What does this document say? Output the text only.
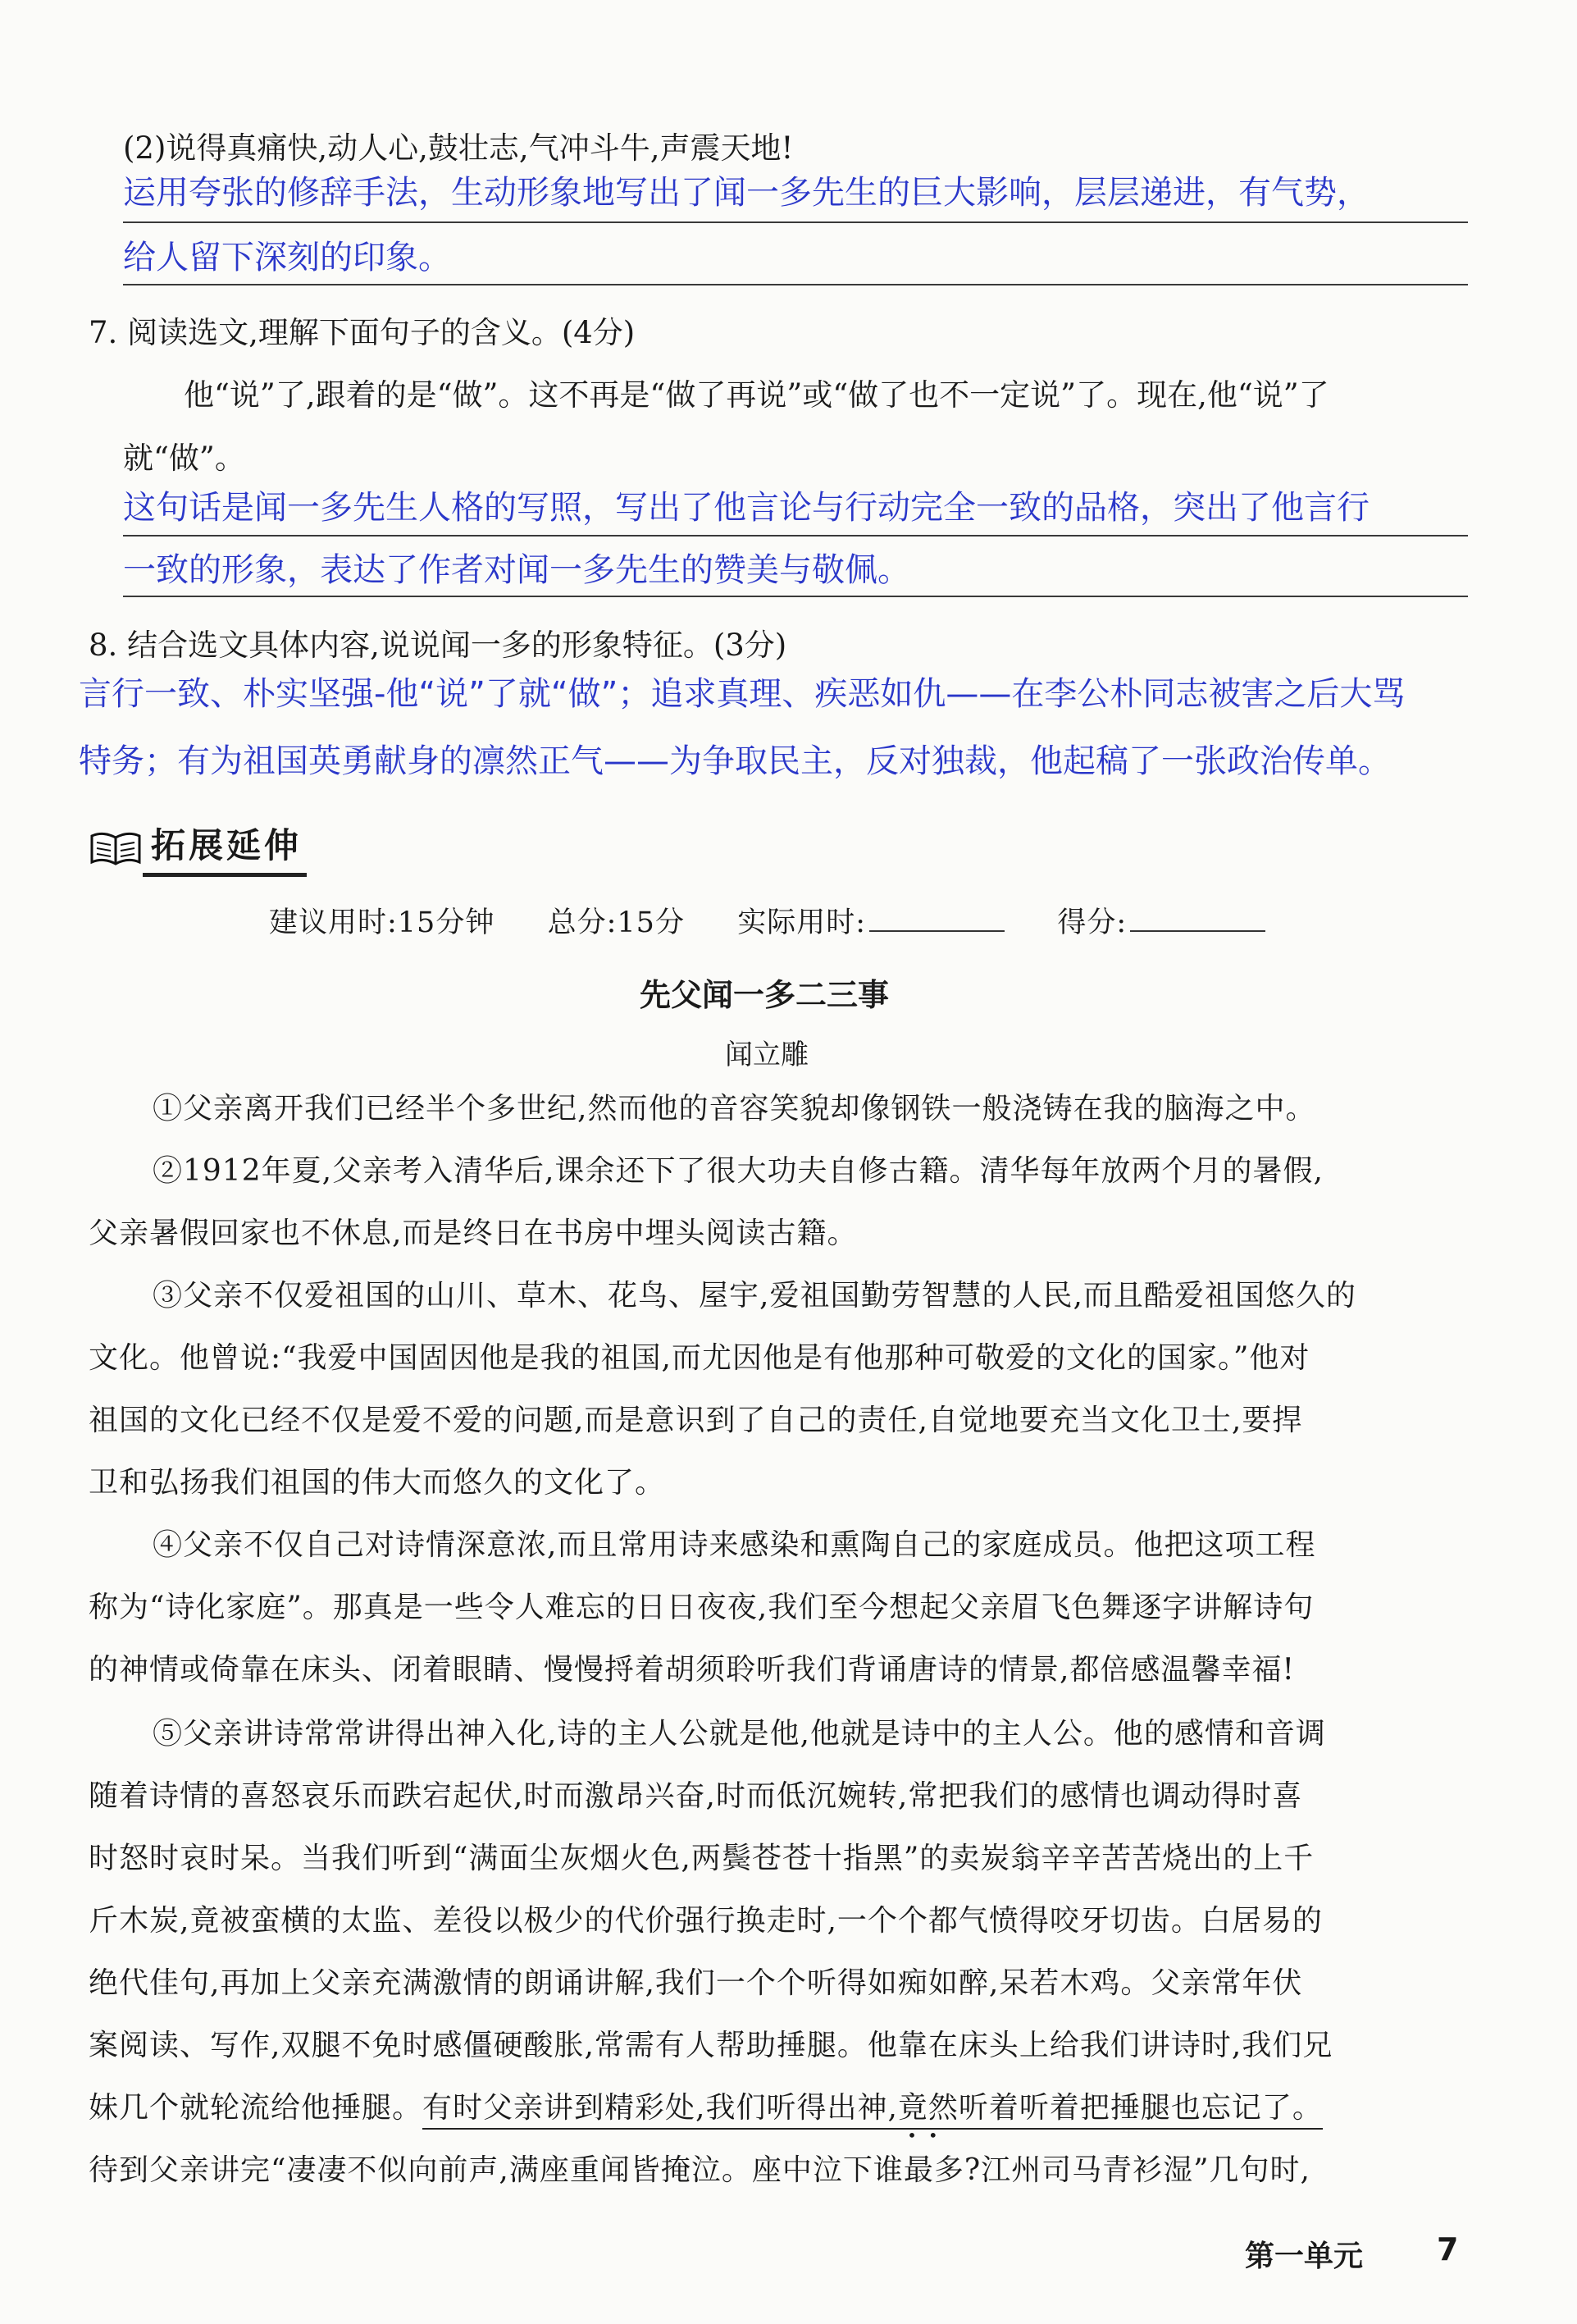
(2)说得真痛快,动人心,鼓壮志,气冲斗牛,声震天地!
运用夸张的修辞手法，生动形象地写出了闻一多先生的巨大影响，层层递进，有气势，
给人留下深刻的印象。
7. 阅读选文,理解下面句子的含义。(4分)
他“说”了,跟着的是“做”。这不再是“做了再说”或“做了也不一定说”了。现在,他“说”了
就“做”。
这句话是闻一多先生人格的写照，写出了他言论与行动完全一致的品格，突出了他言行
一致的形象，表达了作者对闻一多先生的赞美与敬佩。
8. 结合选文具体内容,说说闻一多的形象特征。(3分)
言行一致、朴实坚强-他“说”了就“做”；追求真理、疾恶如仇——在李公朴同志被害之后大骂
特务；有为祖国英勇献身的凛然正气——为争取民主，反对独裁，他起稿了一张政治传单。
拓展延伸
建议用时:15分钟 总分:15分 实际用时:	得分:
先父闻一多二三事
闻立雕
①父亲离开我们已经半个多世纪,然而他的音容笑貌却像钢铁一般浇铸在我的脑海之中。
②1912年夏,父亲考入清华后,课余还下了很大功夫自修古籍。清华每年放两个月的暑假,
父亲暑假回家也不休息,而是终日在书房中埋头阅读古籍。
③父亲不仅爱祖国的山川、草木、花鸟、屋宇,爱祖国勤劳智慧的人民,而且酷爱祖国悠久的
文化。他曾说:“我爱中国固因他是我的祖国,而尤因他是有他那种可敬爱的文化的国家。”他对
祖国的文化已经不仅是爱不爱的问题,而是意识到了自己的责任,自觉地要充当文化卫士,要捍
卫和弘扬我们祖国的伟大而悠久的文化了。
④父亲不仅自己对诗情深意浓,而且常用诗来感染和熏陶自己的家庭成员。他把这项工程
称为“诗化家庭”。那真是一些令人难忘的日日夜夜,我们至今想起父亲眉飞色舞逐字讲解诗句
的神情或倚靠在床头、闭着眼睛、慢慢捋着胡须聆听我们背诵唐诗的情景,都倍感温馨幸福!
⑤父亲讲诗常常讲得出神入化,诗的主人公就是他,他就是诗中的主人公。他的感情和音调
随着诗情的喜怒哀乐而跌宕起伏,时而激昂兴奋,时而低沉婉转,常把我们的感情也调动得时喜
时怒时哀时呆。当我们听到“满面尘灰烟火色,两鬓苍苍十指黑”的卖炭翁辛辛苦苦烧出的上千
斤木炭,竟被蛮横的太监、差役以极少的代价强行换走时,一个个都气愤得咬牙切齿。白居易的
绝代佳句,再加上父亲充满激情的朗诵讲解,我们一个个听得如痴如醉,呆若木鸡。父亲常年伏
案阅读、写作,双腿不免时感僵硬酸胀,常需有人帮助捶腿。他靠在床头上给我们讲诗时,我们兄
妹几个就轮流给他捶腿。有时父亲讲到精彩处,我们听得出神,竟然
••
听着听着把捶腿也忘记了。
待到父亲讲完“凄凄不似向前声,满座重闻皆掩泣。座中泣下谁最多?江州司马青衫湿”几句时,
第一单元 7
